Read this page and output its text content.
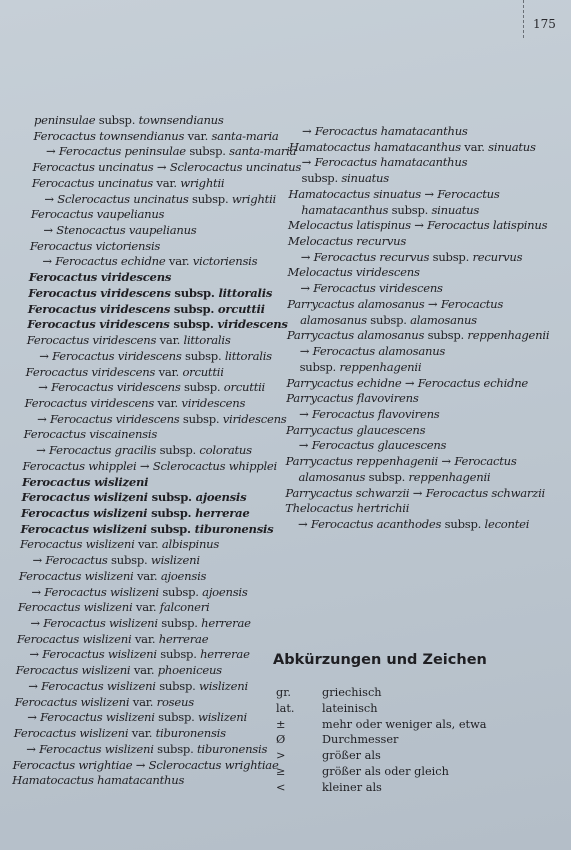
175
peninsulae subsp. townsendianus
Ferocactus townsendianus var. santa-maria
→ Ferocactus peninsulae subsp. santa-maria
Ferocactus uncinatus → Sclerocactus uncinatus
Ferocactus uncinatus var. wrightii
→ Sclerocactus uncinatus subsp. wrightii
Ferocactus vaupelianus
→ Stenocactus vaupelianus
Ferocactus victoriensis
→ Ferocactus echidne var. victoriensis
Ferocactus viridescens
Ferocactus viridescens subsp. littoralis
Ferocactus viridescens subsp. orcuttii
Ferocactus viridescens subsp. viridescens
Ferocactus viridescens var. littoralis
→ Ferocactus viridescens subsp. littoralis
Ferocactus viridescens var. orcuttii
→ Ferocactus viridescens subsp. orcuttii
Ferocactus viridescens var. viridescens
→ Ferocactus viridescens subsp. viridescens
Ferocactus viscainensis
→ Ferocactus gracilis subsp. coloratus
Ferocactus whipplei → Sclerocactus whipplei
Ferocactus wislizeni
Ferocactus wislizeni subsp. ajoensis
Ferocactus wislizeni subsp. herrerae
Ferocactus wislizeni subsp. tiburonensis
Ferocactus wislizeni var. albispinus
→ Ferocactus subsp. wislizeni
Ferocactus wislizeni var. ajoensis
→ Ferocactus wislizeni subsp. ajoensis
Ferocactus wislizeni var. falconeri
→ Ferocactus wislizeni subsp. herrerae
Ferocactus wislizeni var. herrerae
→ Ferocactus wislizeni subsp. herrerae
Ferocactus wislizeni var. phoeniceus
→ Ferocactus wislizeni subsp. wislizeni
Ferocactus wislizeni var. roseus
→ Ferocactus wislizeni subsp. wislizeni
Ferocactus wislizeni var. tiburonensis
→ Ferocactus wislizeni subsp. tiburonensis
Ferocactus wrightiae → Sclerocactus wrightiae
Hamatocactus hamatacanthus
→ Ferocactus hamatacanthus
Hamatocactus hamatacanthus var. sinuatus
→ Ferocactus hamatacanthus
subsp. sinuatus
Hamatocactus sinuatus → Ferocactus
hamatacanthus subsp. sinuatus
Melocactus latispinus → Ferocactus latispinus
Melocactus recurvus
→ Ferocactus recurvus subsp. recurvus
Melocactus viridescens
→ Ferocactus viridescens
Parrycactus alamosanus → Ferocactus
alamosanus subsp. alamosanus
Parrycactus alamosanus subsp. reppenhagenii
→ Ferocactus alamosanus
subsp. reppenhagenii
Parrycactus echidne → Ferocactus echidne
Parrycactus flavovirens
→ Ferocactus flavovirens
Parrycactus glaucescens
→ Ferocactus glaucescens
Parrycactus reppenhagenii → Ferocactus
alamosanus subsp. reppenhagenii
Parrycactus schwarzii → Ferocactus schwarzii
Thelocactus hertrichii
→ Ferocactus acanthodes subsp. lecontei
Abkürzungen und Zeichen
gr.	griechisch
lat. lateinisch
±	mehr oder weniger als, etwa
Ø	Durchmesser
>	größer als
≥	größer als oder gleich
<	kleiner als
